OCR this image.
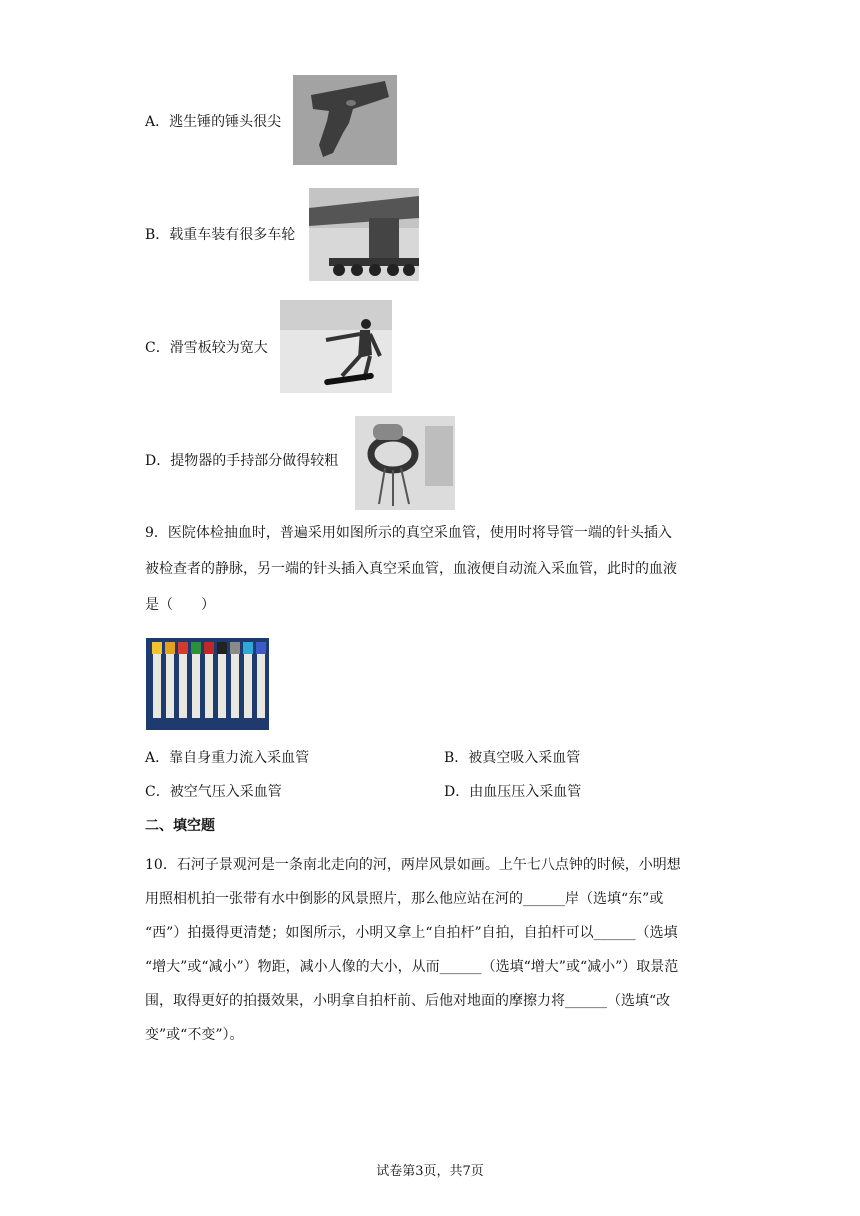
A．逃生锤的锤头很尖
B．载重车装有很多车轮
C．滑雪板较为宽大
D．提物器的手持部分做得较粗
9．医院体检抽血时，普遍采用如图所示的真空采血管，使用时将导管一端的针头插入
被检查者的静脉，另一端的针头插入真空采血管，血液便自动流入采血管，此时的血液
是（　　）
A．靠自身重力流入采血管	B．被真空吸入采血管
C．被空气压入采血管	D．由血压压入采血管
二、填空题
10．石河子景观河是一条南北走向的河，两岸风景如画。上午七八点钟的时候，小明想
用照相机拍一张带有水中倒影的风景照片，那么他应站在河的______岸（选填“东”或
“西”）拍摄得更清楚；如图所示，小明又拿上“自拍杆”自拍，自拍杆可以______（选填
“增大”或“减小”）物距，减小人像的大小，从而______（选填“增大”或“减小”）取景范
围，取得更好的拍摄效果，小明拿自拍杆前、后他对地面的摩擦力将______（选填“改
变”或“不变”）。
试卷第3页，共7页
